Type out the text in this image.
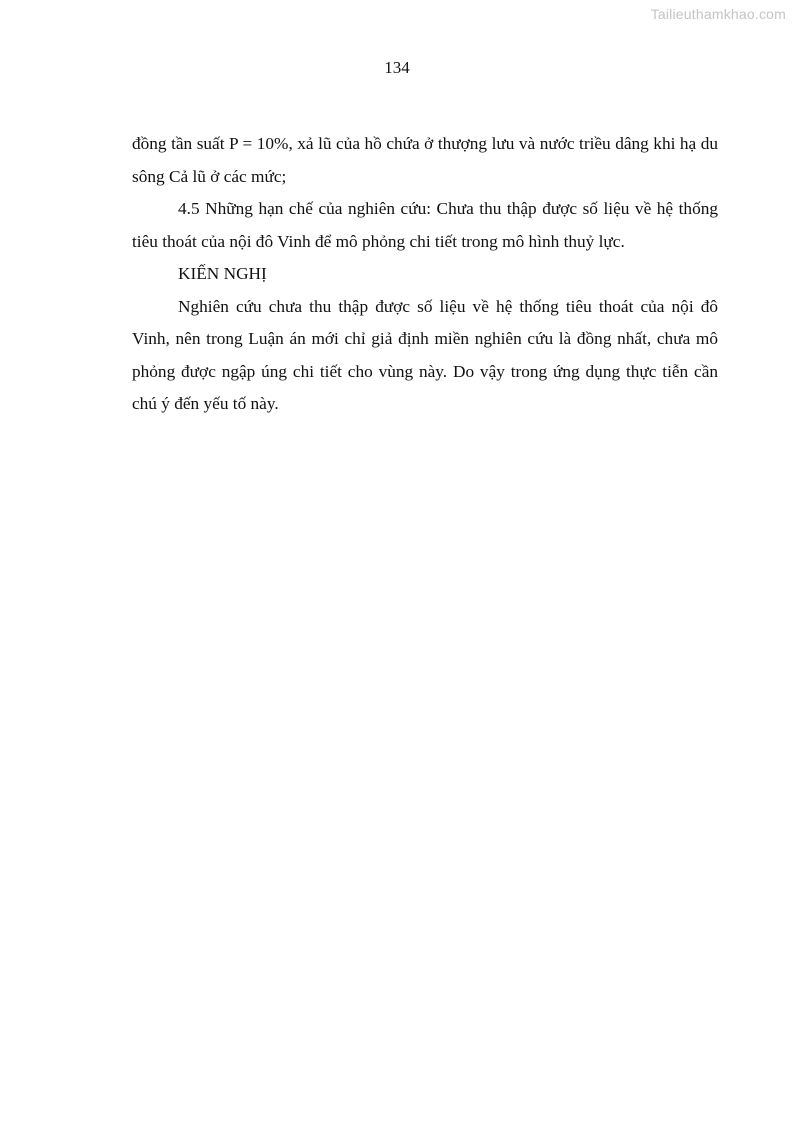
Tailieuthamkhao.com
134

đồng tần suất P = 10%, xả lũ của hồ chứa ở thượng lưu và nước triều dâng khi hạ du sông Cả lũ ở các mức;

4.5 Những hạn chế của nghiên cứu: Chưa thu thập được số liệu về hệ thống tiêu thoát của nội đô Vinh để mô phỏng chi tiết trong mô hình thuỷ lực.

KIẾN NGHỊ

Nghiên cứu chưa thu thập được số liệu về hệ thống tiêu thoát của nội đô Vinh, nên trong Luận án mới chỉ giả định miền nghiên cứu là đồng nhất, chưa mô phỏng được ngập úng chi tiết cho vùng này. Do vậy trong ứng dụng thực tiễn cần chú ý đến yếu tố này.
